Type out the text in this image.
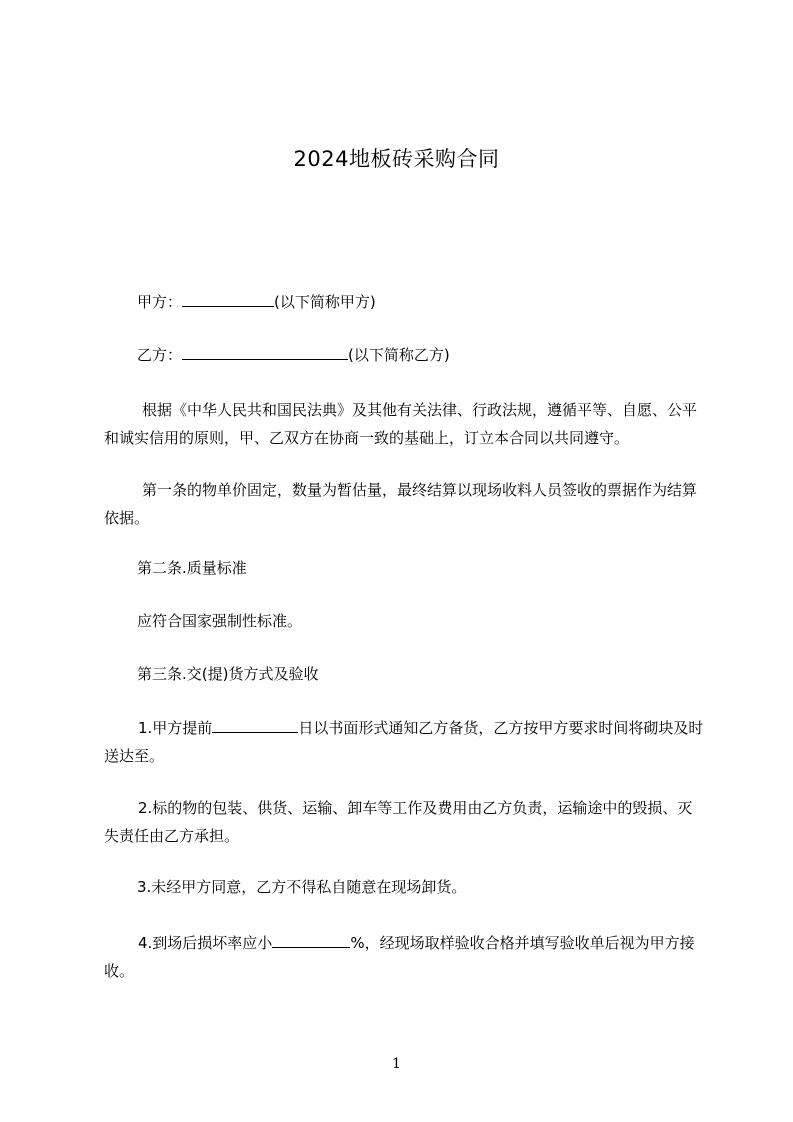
2024地板砖采购合同
甲方：	(以下简称甲方)
乙方：	(以下简称乙方)
根据《中华人民共和国民法典》及其他有关法律、行政法规，遵循平等、自愿、公平和诚实信用的原则，甲、乙双方在协商一致的基础上，订立本合同以共同遵守。
第一条的物单价固定，数量为暂估量，最终结算以现场收料人员签收的票据作为结算依据。
第二条.质量标准
应符合国家强制性标准。
第三条.交(提)货方式及验收
1.甲方提前	日以书面形式通知乙方备货，乙方按甲方要求时间将砌块及时送达至。
2.标的物的包装、供货、运输、卸车等工作及费用由乙方负责，运输途中的毁损、灭失责任由乙方承担。
3.未经甲方同意，乙方不得私自随意在现场卸货。
4.到场后损坏率应小	%，经现场取样验收合格并填写验收单后视为甲方接收。
1
